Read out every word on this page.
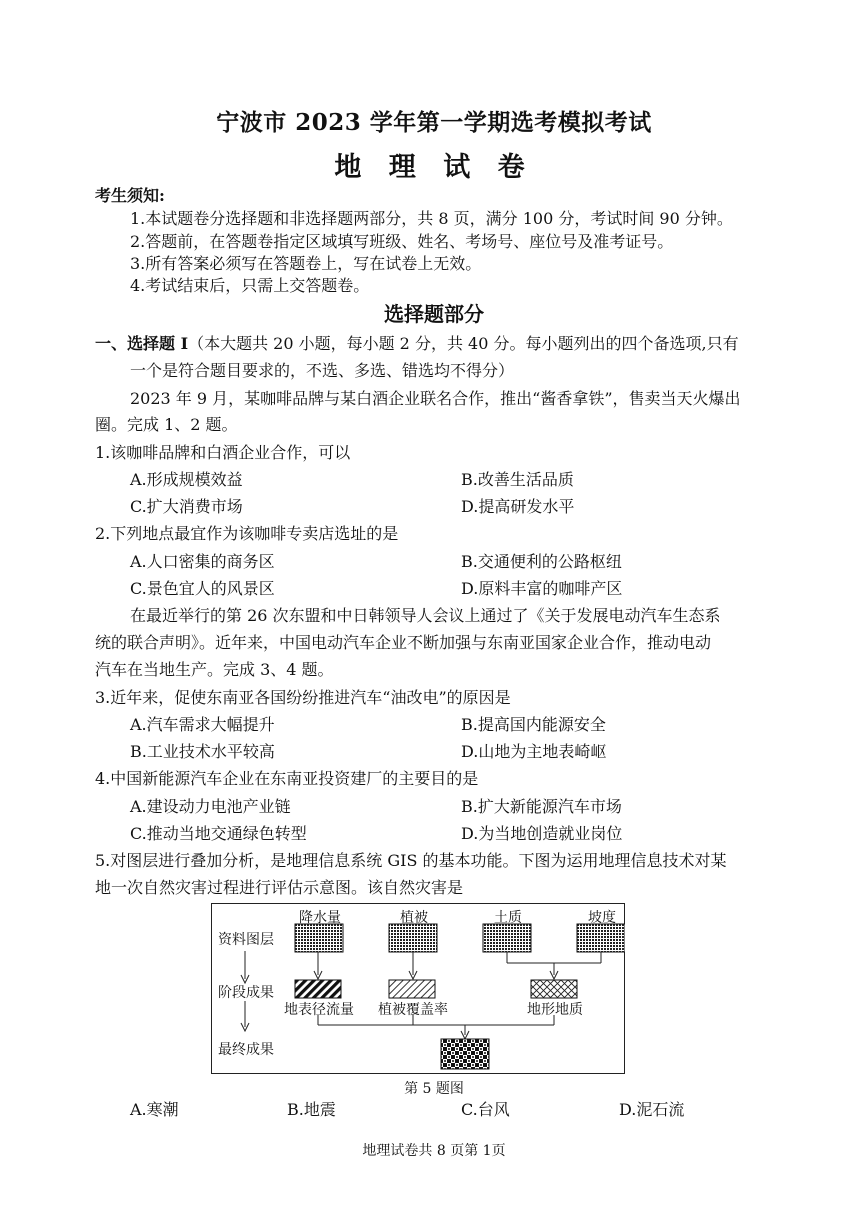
宁波市 2023 学年第一学期选考模拟考试
地 理 试 卷
考生须知:
1.本试题卷分选择题和非选择题两部分，共 8 页，满分 100 分，考试时间 90 分钟。
2.答题前，在答题卷指定区域填写班级、姓名、考场号、座位号及准考证号。
3.所有答案必须写在答题卷上，写在试卷上无效。
4.考试结束后，只需上交答题卷。
选择题部分
一、选择题 I（本大题共 20 小题，每小题 2 分，共 40 分。每小题列出的四个备选项,只有
一个是符合题目要求的，不选、多选、错选均不得分）
2023 年 9 月，某咖啡品牌与某白酒企业联名合作，推出“酱香拿铁”，售卖当天火爆出
圈。完成 1、2 题。
1.该咖啡品牌和白酒企业合作，可以
A.形成规模效益	B.改善生活品质
C.扩大消费市场	D.提高研发水平
2.下列地点最宜作为该咖啡专卖店选址的是
A.人口密集的商务区	B.交通便利的公路枢纽
C.景色宜人的风景区	D.原料丰富的咖啡产区
在最近举行的第 26 次东盟和中日韩领导人会议上通过了《关于发展电动汽车生态系
统的联合声明》。近年来，中国电动汽车企业不断加强与东南亚国家企业合作，推动电动
汽车在当地生产。完成 3、4 题。
3.近年来，促使东南亚各国纷纷推进汽车“油改电”的原因是
A.汽车需求大幅提升	B.提高国内能源安全
B.工业技术水平较高	D.山地为主地表崎岖
4.中国新能源汽车企业在东南亚投资建厂的主要目的是
A.建设动力电池产业链	B.扩大新能源汽车市场
C.推动当地交通绿色转型	D.为当地创造就业岗位
5.对图层进行叠加分析，是地理信息系统 GIS 的基本功能。下图为运用地理信息技术对某
地一次自然灾害过程进行评估示意图。该自然灾害是
资料图层
阶段成果
最终成果
降水量	植被	土质	坡度
地表径流量 植被覆盖率	地形地质
第 5 题图
A.寒潮	B.地震	C.台风	D.泥石流
地理试卷共 8 页第 1页
